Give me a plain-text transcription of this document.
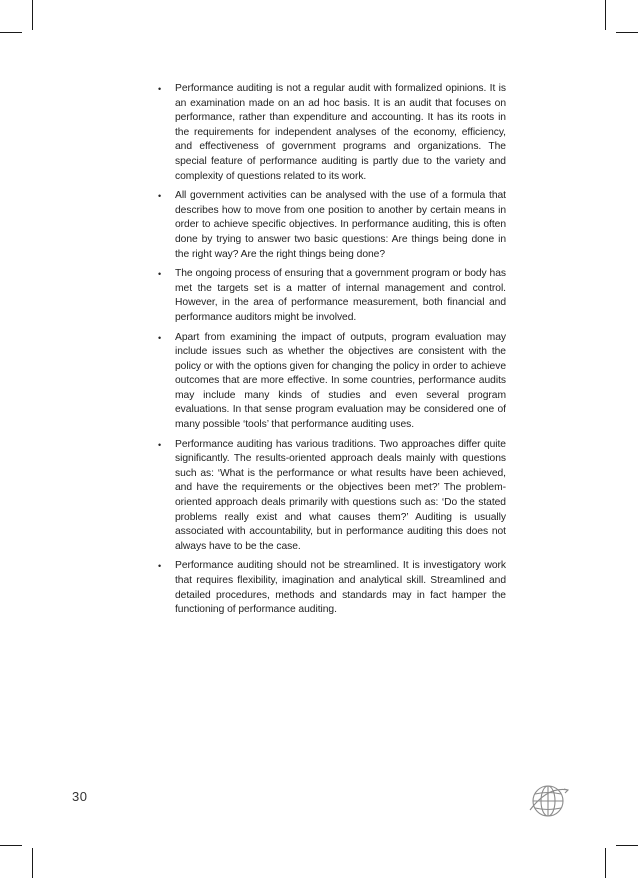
•	Performance auditing is not a regular audit with formalized opinions. It is an examination made on an ad hoc basis. It is an audit that focuses on performance, rather than expenditure and accounting. It has its roots in the requirements for independent analyses of the economy, efficiency, and effectiveness of government programs and organizations. The special feature of performance auditing is partly due to the variety and complexity of questions related to its work.
•	All government activities can be analysed with the use of a formula that describes how to move from one position to another by certain means in order to achieve specific objectives. In performance auditing, this is often done by trying to answer two basic questions: Are things being done in the right way? Are the right things being done?
•	The ongoing process of ensuring that a government program or body has met the targets set is a matter of internal management and control. However, in the area of performance measurement, both financial and performance auditors might be involved.
•	Apart from examining the impact of outputs, program evaluation may include issues such as whether the objectives are consistent with the policy or with the options given for changing the policy in order to achieve outcomes that are more effective. In some countries, performance audits may include many kinds of studies and even several program evaluations. In that sense program evaluation may be considered one of many possible ‘tools’ that performance auditing uses.
•	Performance auditing has various traditions. Two approaches differ quite significantly. The results-oriented approach deals mainly with questions such as: ‘What is the performance or what results have been achieved, and have the requirements or the objectives been met?’ The problem-oriented approach deals primarily with questions such as: ‘Do the stated problems really exist and what causes them?’ Auditing is usually associated with accountability, but in performance auditing this does not always have to be the case.
•	Performance auditing should not be streamlined. It is investigatory work that requires flexibility, imagination and analytical skill. Streamlined and detailed procedures, methods and standards may in fact hamper the functioning of performance auditing.
30
